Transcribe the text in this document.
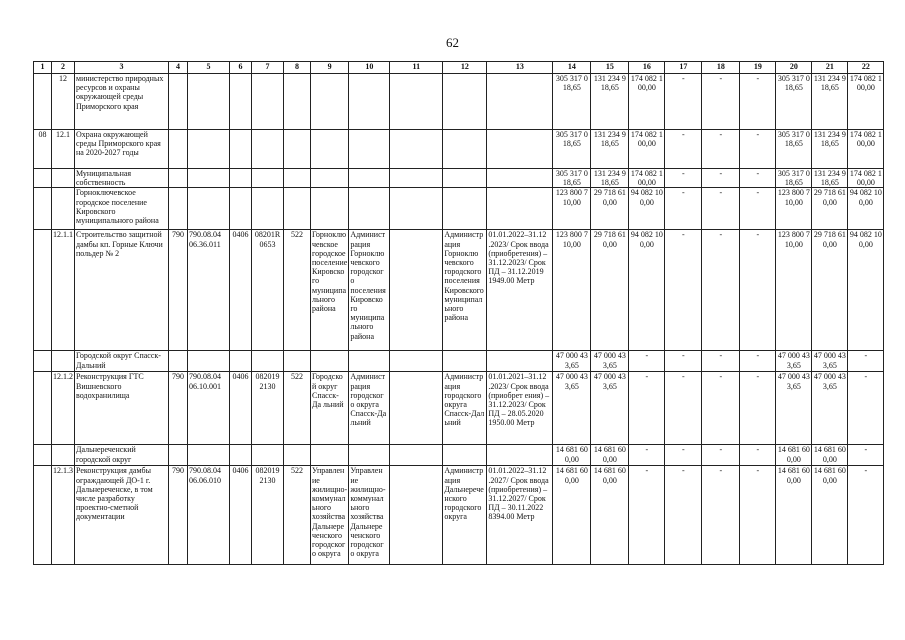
62
1	2	3	4	5	6	7	8	9	10	11	12	13	14	15	16	17	18	19	20	21	22
	12	министерство природных ресурсов и охраны окружающей среды Приморского края											305 317 0 18,65	131 234 9 18,65	174 082 1 00,00	-	-	-	305 317 0 18,65	131 234 9 18,65	174 082 1 00,00
08	12.1	Охрана окружающей среды Приморского края на 2020-2027 годы											305 317 0 18,65	131 234 9 18,65	174 082 1 00,00	-	-	-	305 317 0 18,65	131 234 9 18,65	174 082 1 00,00
		Муниципальная собственность											305 317 0 18,65	131 234 9 18,65	174 082 1 00,00	-	-	-	305 317 0 18,65	131 234 9 18,65	174 082 1 00,00
		Горноключевское городское поселение Кировского муниципального района											123 800 7 10,00	29 718 61 0,00	94 082 10 0,00	-	-	-	123 800 7 10,00	29 718 61 0,00	94 082 10 0,00
	12.1.1	Строительство защитной дамбы кп. Горные Ключи польдер № 2	790	790.08.04 06.36.011	0406	08201R 0653	522	Горноклю чевское городское поселение Кировско го муниципа льного района	Админист рация Горноклю чевского городског о поселения Кировско го муниципа льного района		Администр ация Горноклю чевского городского поселения Кировского муниципал ьного района	01.01.2022–31.12 .2023/ Срок ввода (приобретения) – 31.12.2023/ Срок ПД – 31.12.2019 1949.00 Метр	123 800 7 10,00	29 718 61 0,00	94 082 10 0,00	-	-	-	123 800 7 10,00	29 718 61 0,00	94 082 10 0,00
		Городской округ Спасск-Дальний											47 000 43 3,65	47 000 43 3,65	-	-	-	-	47 000 43 3,65	47 000 43 3,65	-
	12.1.2	Реконструкция ГТС Вишневского водохранилища	790	790.08.04 06.10.001	0406	082019 2130	522	Городско й округ Спасск-Да льний	Админист рация городског о округа Спасск-Да льний		Администр ация городского округа Спасск-Дал ьний	01.01.2021–31.12 .2023/ Срок ввода (приобрет ения) – 31.12.2023/ Срок ПД – 28.05.2020 1950.00 Метр	47 000 43 3,65	47 000 43 3,65	-	-	-	-	47 000 43 3,65	47 000 43 3,65	-
		Дальнереченский городской округ											14 681 60 0,00	14 681 60 0,00	-	-	-	-	14 681 60 0,00	14 681 60 0,00	-
	12.1.3	Реконструкция дамбы ограждающей ДО-1 г. Дальнереченске, в том числе разработку проектно-сметной документации	790	790.08.04 06.06.010	0406	082019 2130	522	Управлен ие жилищно-коммунал ьного хозяйства Дальнере ченского городског о округа	Управлен ие жилищно-коммунал ьного хозяйства Дальнере ченского городског о округа		Администр ация Дальнерече нского городского округа	01.01.2022–31.12 .2027/ Срок ввода (приобретения) – 31.12.2027/ Срок ПД – 30.11.2022 8394.00 Метр	14 681 60 0,00	14 681 60 0,00	-	-	-	-	14 681 60 0,00	14 681 60 0,00	-
